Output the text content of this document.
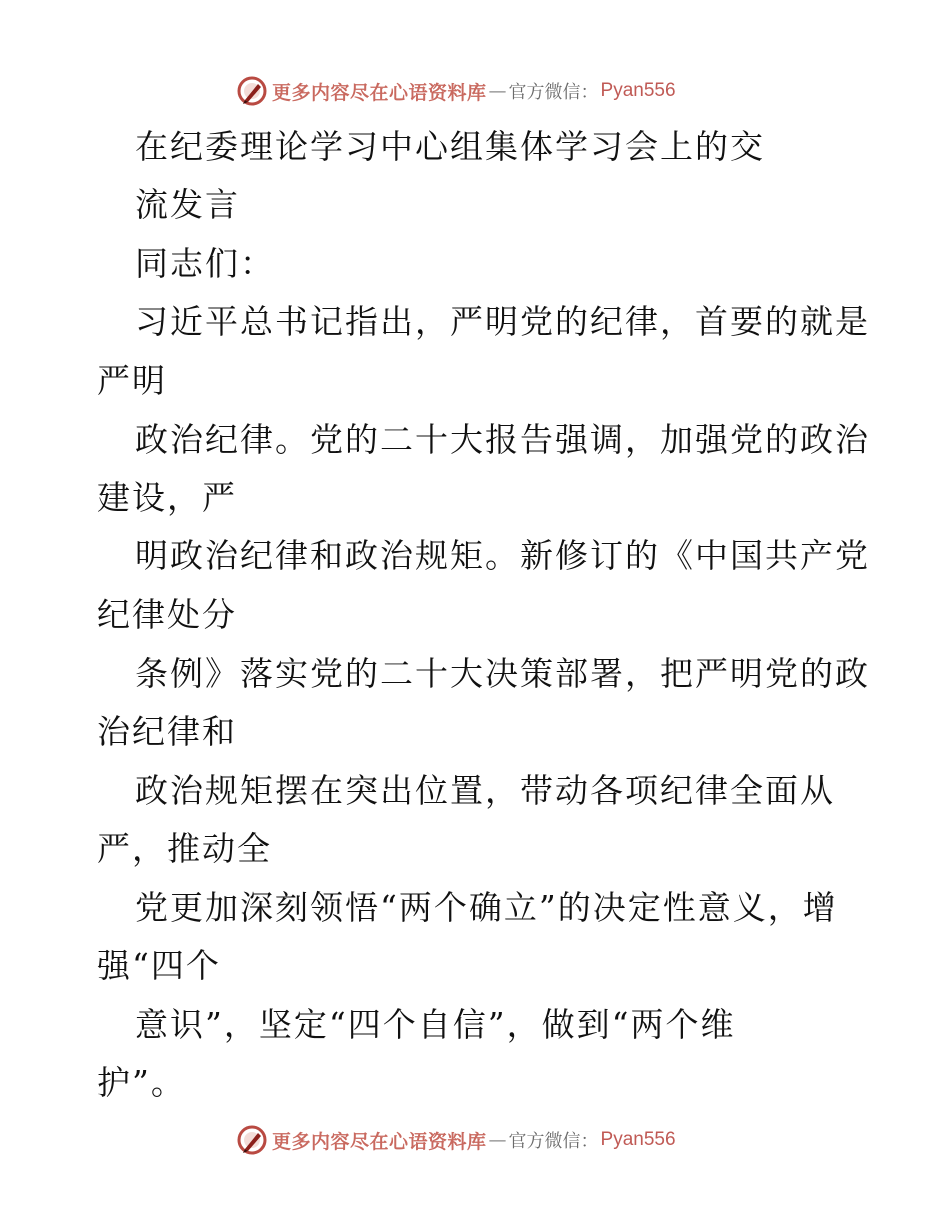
更多内容尽在心语资料库 — 官方微信： Pyan556
在纪委理论学习中心组集体学习会上的交
流发言
同志们：
习近平总书记指出，严明党的纪律，首要的就是
严明
政治纪律。党的二十大报告强调，加强党的政治
建设，严
明政治纪律和政治规矩。新修订的《中国共产党
纪律处分
条例》落实党的二十大决策部署，把严明党的政
治纪律和
政治规矩摆在突出位置，带动各项纪律全面从
严，推动全
党更加深刻领悟“两个确立”的决定性意义，增
强“四个
意识”，坚定“四个自信”，做到“两个维
护”。
更多内容尽在心语资料库 — 官方微信： Pyan556
